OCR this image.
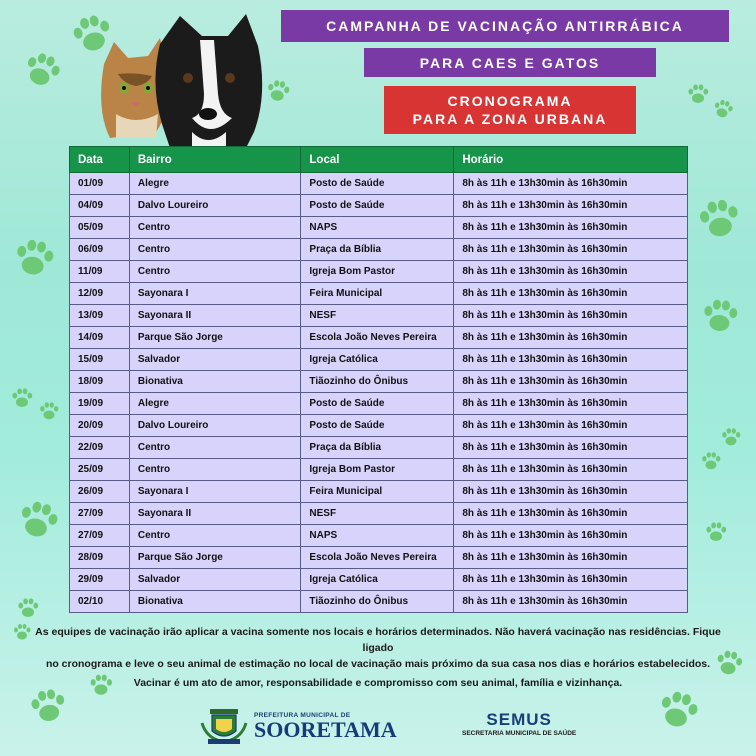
CAMPANHA DE VACINAÇÃO ANTIRRÁBICA
PARA CAES E GATOS
CRONOGRAMA
PARA A ZONA URBANA
Data	Bairro	Local	Horário
01/09	Alegre	Posto de Saúde	8h às 11h e 13h30min às 16h30min
04/09	Dalvo Loureiro	Posto de Saúde	8h às 11h e 13h30min às 16h30min
05/09	Centro	NAPS	8h às 11h e 13h30min às 16h30min
06/09	Centro	Praça da Bíblia	8h às 11h e 13h30min às 16h30min
11/09	Centro	Igreja Bom Pastor	8h às 11h e 13h30min às 16h30min
12/09	Sayonara I	Feira Municipal	8h às 11h e 13h30min às 16h30min
13/09	Sayonara II	NESF	8h às 11h e 13h30min às 16h30min
14/09	Parque São Jorge	Escola João Neves Pereira	8h às 11h e 13h30min às 16h30min
15/09	Salvador	Igreja Católica	8h às 11h e 13h30min às 16h30min
18/09	Bionativa	Tiãozinho do Ônibus	8h às 11h e 13h30min às 16h30min
19/09	Alegre	Posto de Saúde	8h às 11h e 13h30min às 16h30min
20/09	Dalvo Loureiro	Posto de Saúde	8h às 11h e 13h30min às 16h30min
22/09	Centro	Praça da Bíblia	8h às 11h e 13h30min às 16h30min
25/09	Centro	Igreja Bom Pastor	8h às 11h e 13h30min às 16h30min
26/09	Sayonara I	Feira Municipal	8h às 11h e 13h30min às 16h30min
27/09	Sayonara II	NESF	8h às 11h e 13h30min às 16h30min
27/09	Centro	NAPS	8h às 11h e 13h30min às 16h30min
28/09	Parque São Jorge	Escola João Neves Pereira	8h às 11h e 13h30min às 16h30min
29/09	Salvador	Igreja Católica	8h às 11h e 13h30min às 16h30min
02/10	Bionativa	Tiãozinho do Ônibus	8h às 11h e 13h30min às 16h30min
As equipes de vacinação irão aplicar a vacina somente nos locais e horários determinados. Não haverá vacinação nas residências. Fique ligado
no cronograma e leve o seu animal de estimação no local de vacinação mais próximo da sua casa nos dias e horários estabelecidos.
Vacinar é um ato de amor, responsabilidade e compromisso com seu animal, família e vizinhança.
PREFEITURA MUNICIPAL DE
SOORETAMA	SEMUS
SECRETARIA MUNICIPAL DE SAÚDE
